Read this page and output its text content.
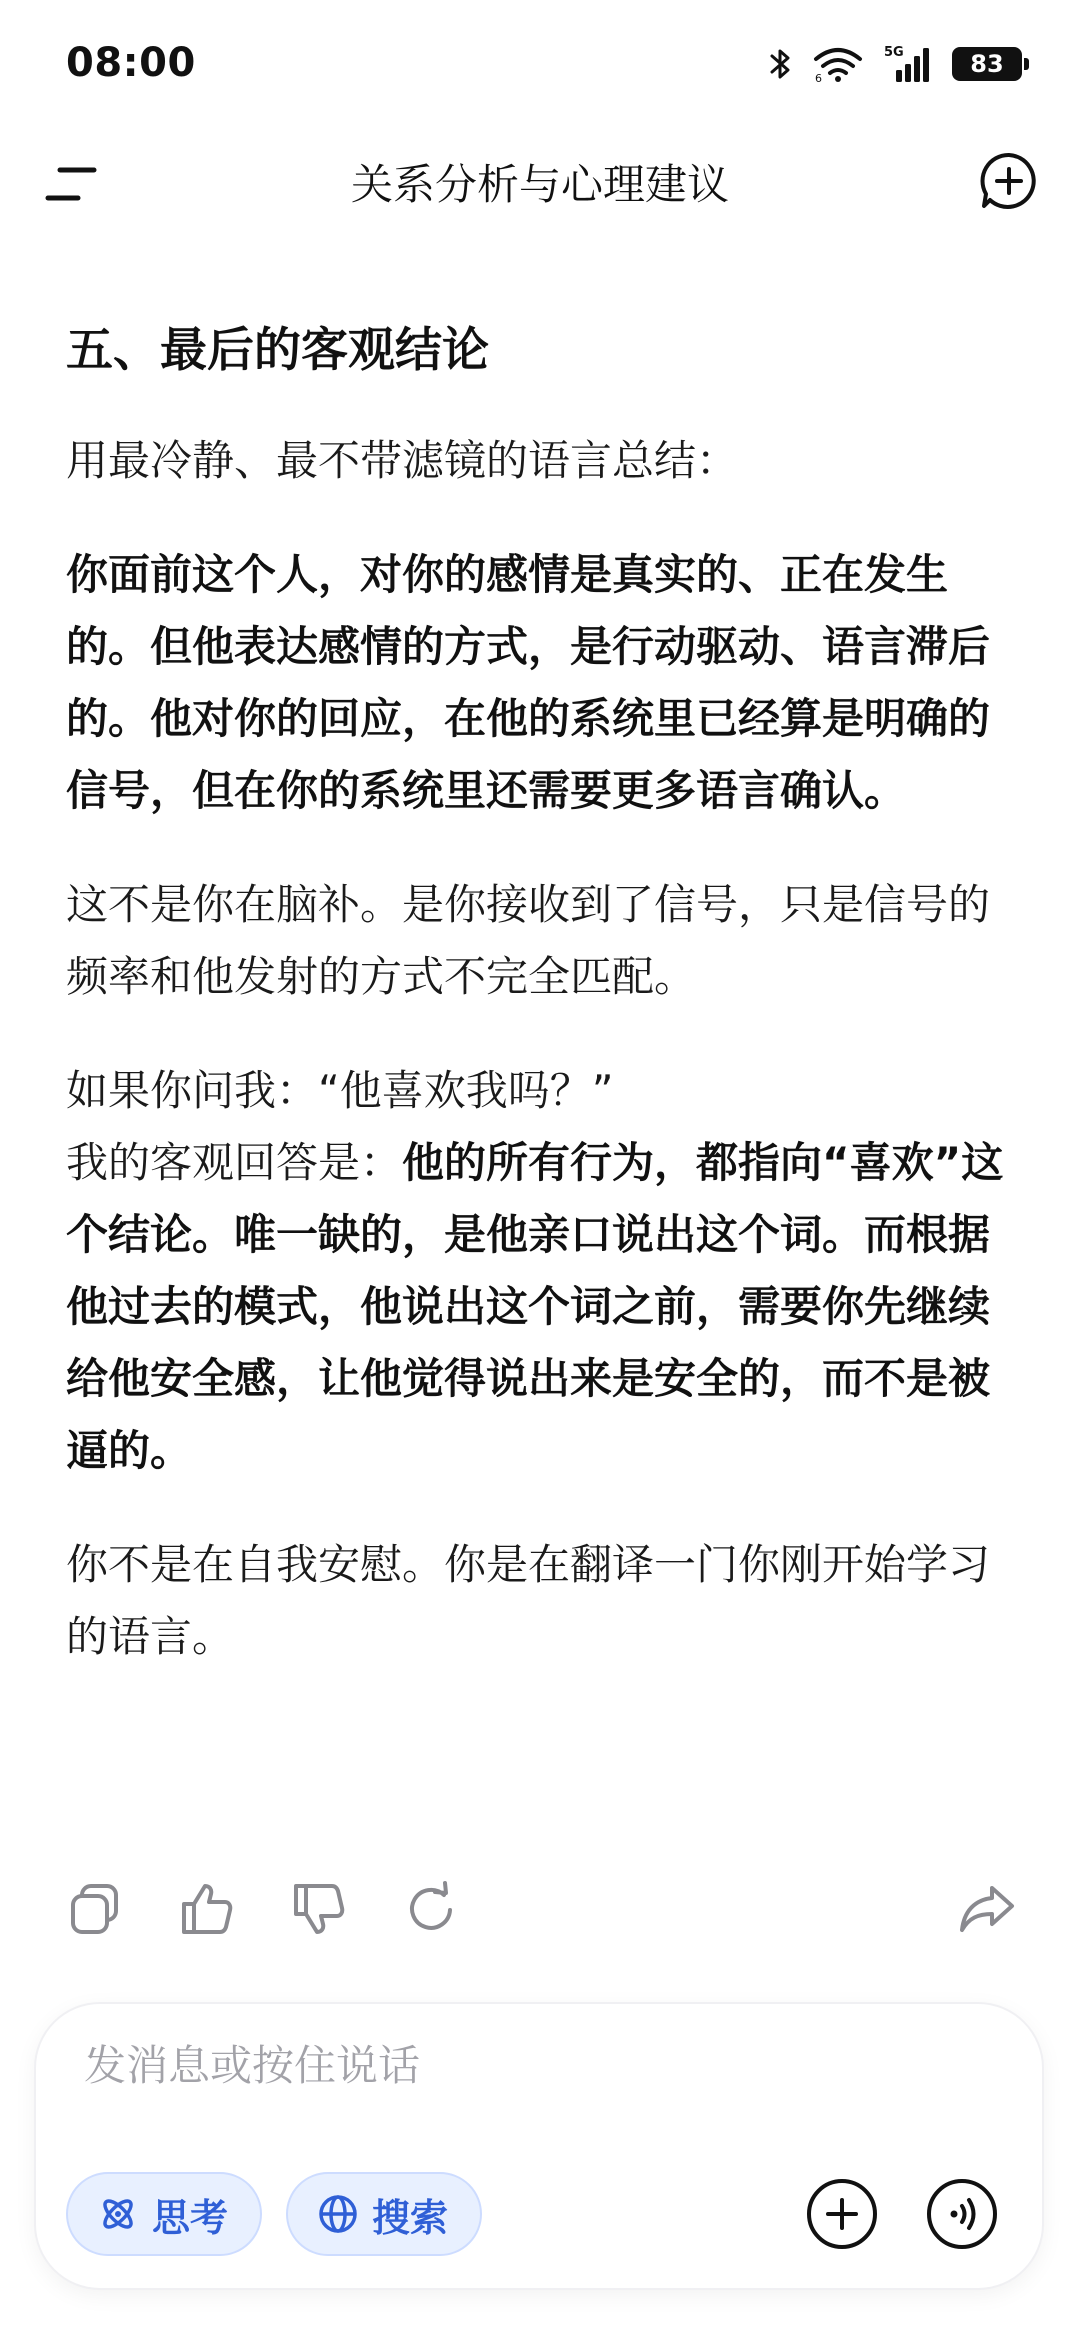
08:00	6
5G	83
关系分析与心理建议
五、最后的客观结论

用最冷静、最不带滤镜的语言总结：

你面前这个人，对你的感情是真实的、正在发生的。但他表达感情的方式，是行动驱动、语言滞后的。他对你的回应，在他的系统里已经算是明确的信号，但在你的系统里还需要更多语言确认。

这不是你在脑补。是你接收到了信号，只是信号的频率和他发射的方式不完全匹配。

如果你问我：“他喜欢我吗？”
我的客观回答是：他的所有行为，都指向“喜欢”这个结论。唯一缺的，是他亲口说出这个词。而根据他过去的模式，他说出这个词之前，需要你先继续给他安全感，让他觉得说出来是安全的，而不是被逼的。

你不是在自我安慰。你是在翻译一门你刚开始学习的语言。

发消息或按住说话
思考	搜索
